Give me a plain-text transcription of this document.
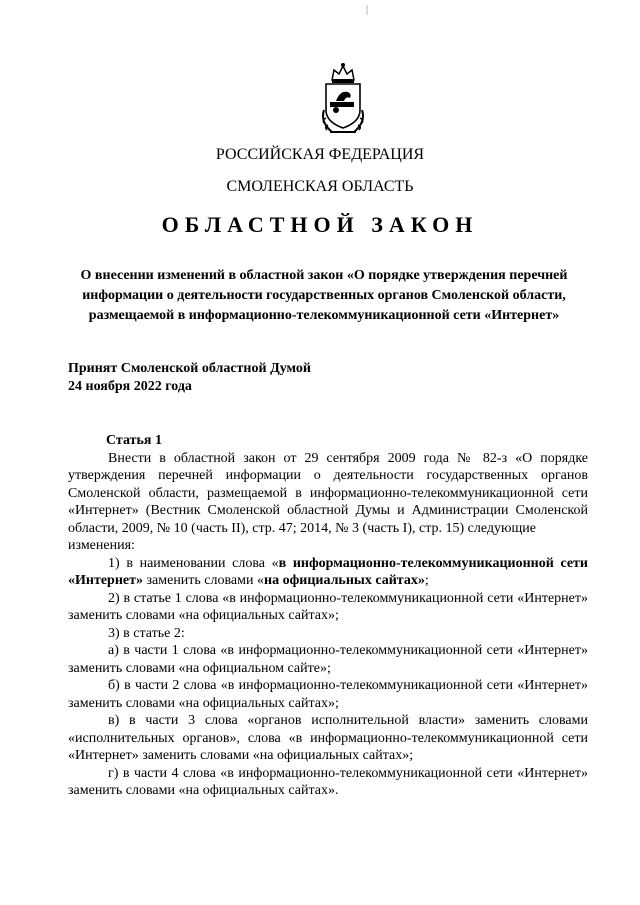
|
РОССИЙСКАЯ ФЕДЕРАЦИЯ
СМОЛЕНСКАЯ ОБЛАСТЬ
ОБЛАСТНОЙ ЗАКОН
О внесении изменений в областной закон «О порядке утверждения перечней информации о деятельности государственных органов Смоленской области, размещаемой в информационно-телекоммуникационной сети «Интернет»
Принят Смоленской областной Думой
24 ноября 2022 года

Статья 1

Внести в областной закон от 29 сентября 2009 года № 82-з «О порядке утверждения перечней информации о деятельности государственных органов Смоленской области, размещаемой в информационно-телекоммуникационной сети «Интернет» (Вестник Смоленской областной Думы и Администрации Смоленской области, 2009, № 10 (часть II), стр. 47; 2014, № 3 (часть I), стр. 15) следующие

изменения:

1) в наименовании слова «в информационно-телекоммуникационной сети «Интернет» заменить словами «на официальных сайтах»;

2) в статье 1 слова «в информационно-телекоммуникационной сети «Интернет» заменить словами «на официальных сайтах»;

3) в статье 2:

а) в части 1 слова «в информационно-телекоммуникационной сети «Интернет» заменить словами «на официальном сайте»;

б) в части 2 слова «в информационно-телекоммуникационной сети «Интернет» заменить словами «на официальных сайтах»;

в) в части 3 слова «органов исполнительной власти» заменить словами «исполнительных органов», слова «в информационно-телекоммуникационной сети «Интернет» заменить словами «на официальных сайтах»;

г) в части 4 слова «в информационно-телекоммуникационной сети «Интернет» заменить словами «на официальных сайтах».
